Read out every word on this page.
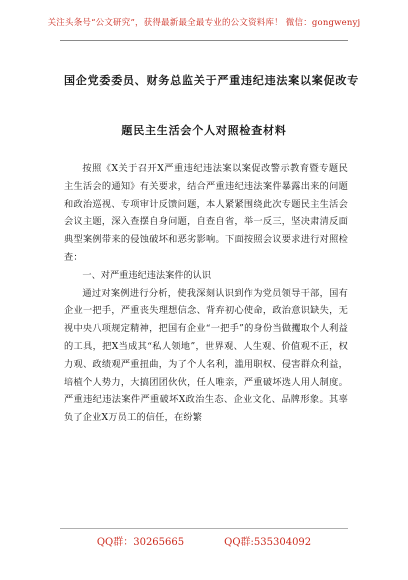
关注头条号“公文研究”，获得最新最全最专业的公文资料库！ 微信：gongwenyj
国企党委委员、财务总监关于严重违纪违法案以案促改专
题民主生活会个人对照检查材料

按照《X关于召开X严重违纪违法案以案促改警示教育暨专题民主生活会的通知》有关要求，结合严重违纪违法案件暴露出来的问题和政治巡视、专项审计反馈问题，本人紧紧围绕此次专题民主生活会会议主题，深入查摆自身问题，自查自省，举一反三，坚决肃清反面典型案例带来的侵蚀破坏和恶劣影响。下面按照会议要求进行对照检查：

一、对严重违纪违法案件的认识

通过对案例进行分析，使我深刻认识到作为党员领导干部，国有企业一把手，严重丧失理想信念、背弃初心使命，政治意识缺失，无视中央八项规定精神，把国有企业“一把手”的身份当做攫取个人利益的工具，把X当成其“私人领地”，世界观、人生观、价值观不正，权力观、政绩观严重扭曲，为了个人名利，滥用职权、侵害群众利益，培植个人势力，大搞团团伙伙，任人唯亲，严重破坏选人用人制度。严重违纪违法案件严重破坏X政治生态、企业文化、品牌形象。其辜负了企业X万员工的信任，在纷繁

QQ群：30265665	QQ群:535304092
